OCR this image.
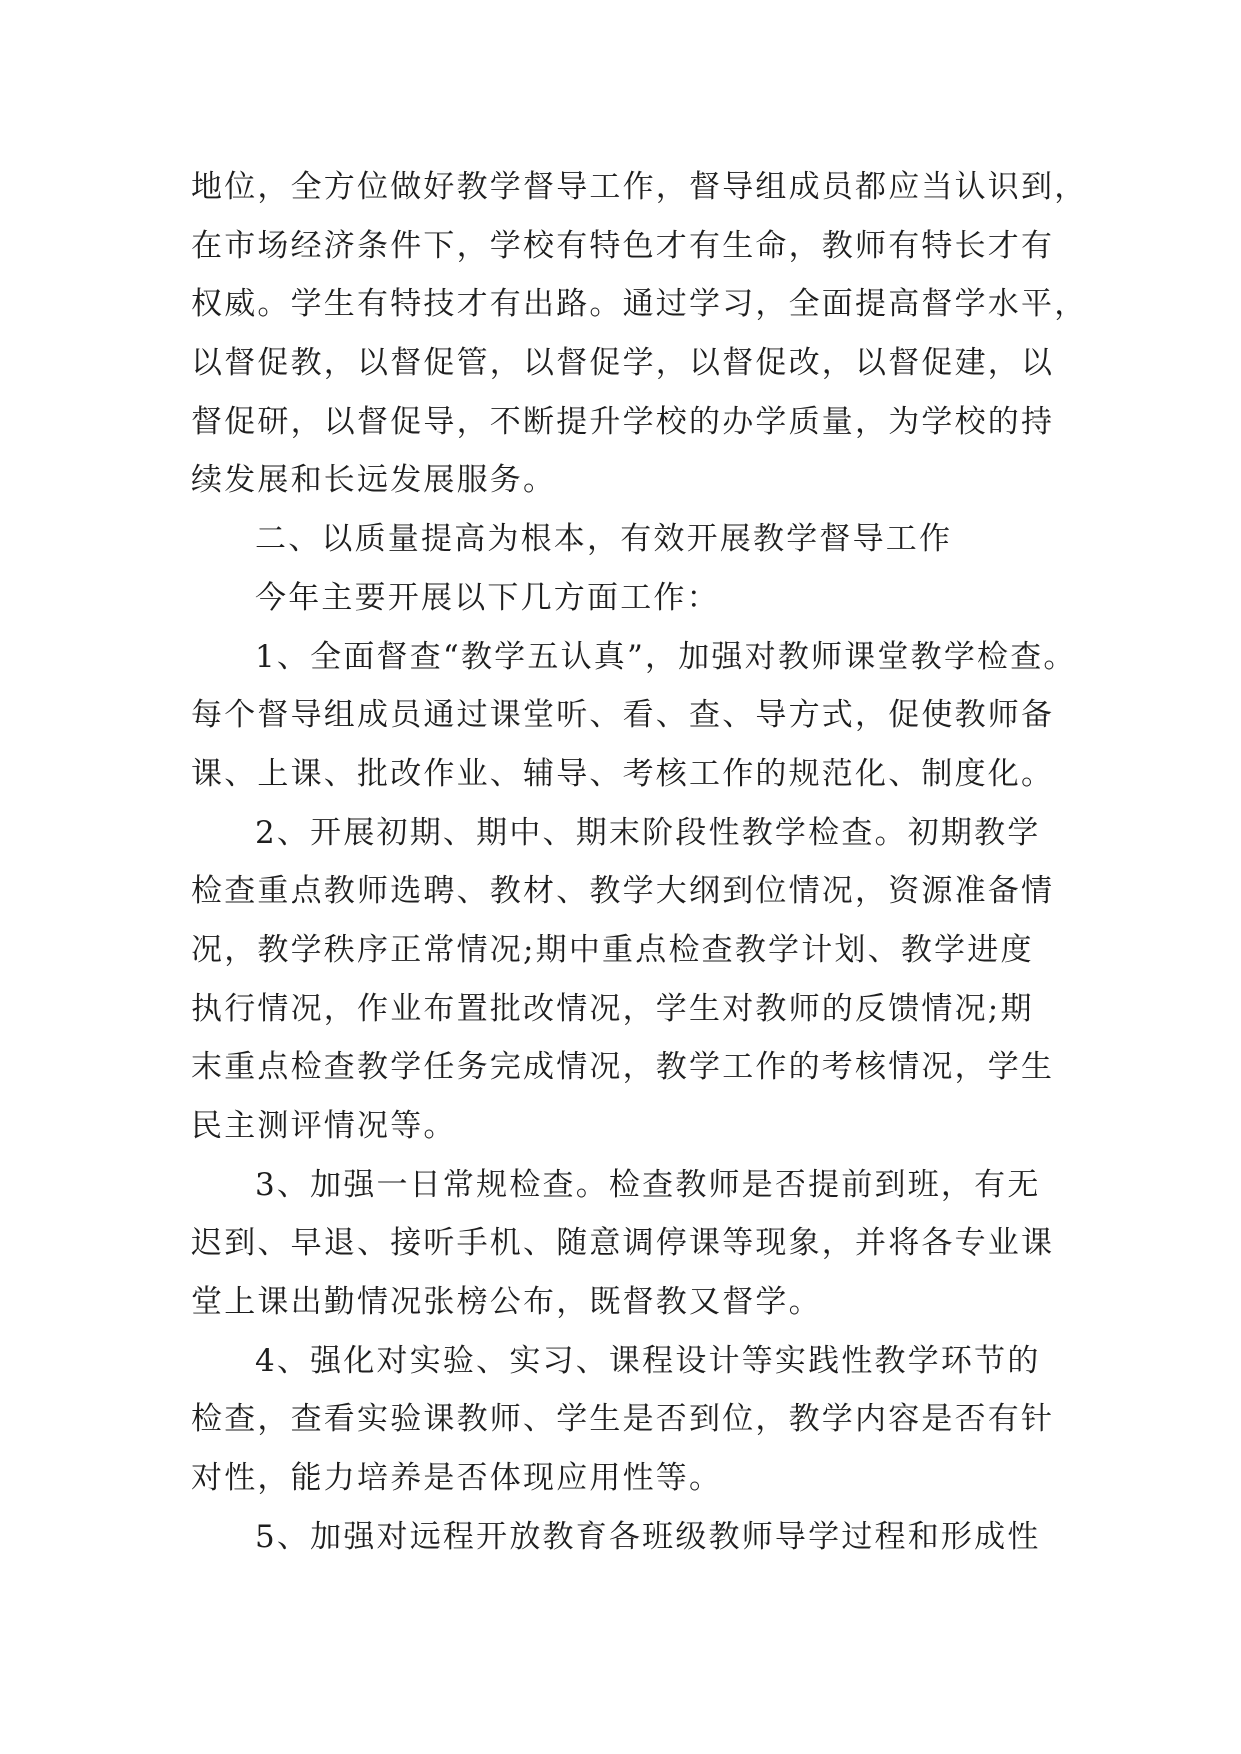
地位，全方位做好教学督导工作，督导组成员都应当认识到，
在市场经济条件下，学校有特色才有生命，教师有特长才有
权威。学生有特技才有出路。通过学习，全面提高督学水平，
以督促教，以督促管，以督促学，以督促改，以督促建，以
督促研，以督促导，不断提升学校的办学质量，为学校的持
续发展和长远发展服务。
二、以质量提高为根本，有效开展教学督导工作
今年主要开展以下几方面工作：
1、全面督查“教学五认真”，加强对教师课堂教学检查。
每个督导组成员通过课堂听、看、查、导方式，促使教师备
课、上课、批改作业、辅导、考核工作的规范化、制度化。
2、开展初期、期中、期末阶段性教学检查。初期教学
检查重点教师选聘、教材、教学大纲到位情况，资源准备情
况，教学秩序正常情况;期中重点检查教学计划、教学进度
执行情况，作业布置批改情况，学生对教师的反馈情况;期
末重点检查教学任务完成情况，教学工作的考核情况，学生
民主测评情况等。
3、加强一日常规检查。检查教师是否提前到班，有无
迟到、早退、接听手机、随意调停课等现象，并将各专业课
堂上课出勤情况张榜公布，既督教又督学。
4、强化对实验、实习、课程设计等实践性教学环节的
检查，查看实验课教师、学生是否到位，教学内容是否有针
对性，能力培养是否体现应用性等。
5、加强对远程开放教育各班级教师导学过程和形成性
